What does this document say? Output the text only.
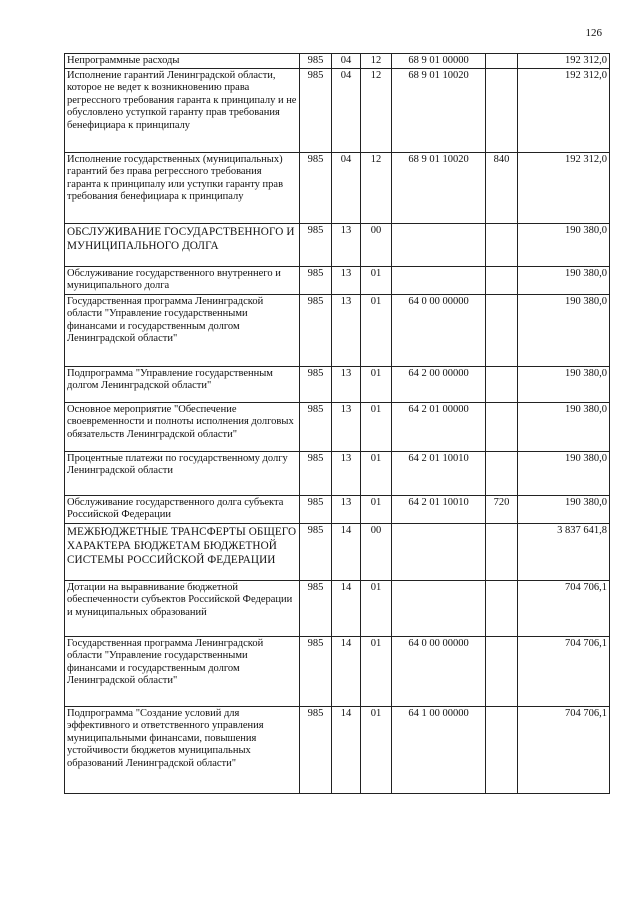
126
Непрограммные расходы	985	04	12	68 9 01 00000		192 312,0
Исполнение гарантий Ленинградской области, которое не ведет к возникновению права регрессного требования гаранта к принципалу и не обусловлено уступкой гаранту прав требования бенефициара к принципалу	985	04	12	68 9 01 10020		192 312,0
Исполнение государственных (муниципальных) гарантий без права регрессного требования гаранта к принципалу или уступки гаранту прав требования бенефициара к принципалу	985	04	12	68 9 01 10020	840	192 312,0
ОБСЛУЖИВАНИЕ ГОСУДАРСТВЕННОГО И МУНИЦИПАЛЬНОГО ДОЛГА	985	13	00			190 380,0
Обслуживание государственного внутреннего и муниципального долга	985	13	01			190 380,0
Государственная программа Ленинградской области "Управление государственными финансами и государственным долгом Ленинградской области"	985	13	01	64 0 00 00000		190 380,0
Подпрограмма "Управление государственным долгом Ленинградской области"	985	13	01	64 2 00 00000		190 380,0
Основное мероприятие "Обеспечение своевременности и полноты исполнения долговых обязательств Ленинградской области"	985	13	01	64 2 01 00000		190 380,0
Процентные платежи по государственному долгу Ленинградской области	985	13	01	64 2 01 10010		190 380,0
Обслуживание государственного долга субъекта Российской Федерации	985	13	01	64 2 01 10010	720	190 380,0
МЕЖБЮДЖЕТНЫЕ ТРАНСФЕРТЫ ОБЩЕГО ХАРАКТЕРА БЮДЖЕТАМ БЮДЖЕТНОЙ СИСТЕМЫ РОССИЙСКОЙ ФЕДЕРАЦИИ	985	14	00			3 837 641,8
Дотации на выравнивание бюджетной обеспеченности субъектов Российской Федерации и муниципальных образований	985	14	01			704 706,1
Государственная программа Ленинградской области "Управление государственными финансами и государственным долгом Ленинградской области"	985	14	01	64 0 00 00000		704 706,1
Подпрограмма "Создание условий для эффективного и ответственного управления муниципальными финансами, повышения устойчивости бюджетов муниципальных образований Ленинградской области"	985	14	01	64 1 00 00000		704 706,1
